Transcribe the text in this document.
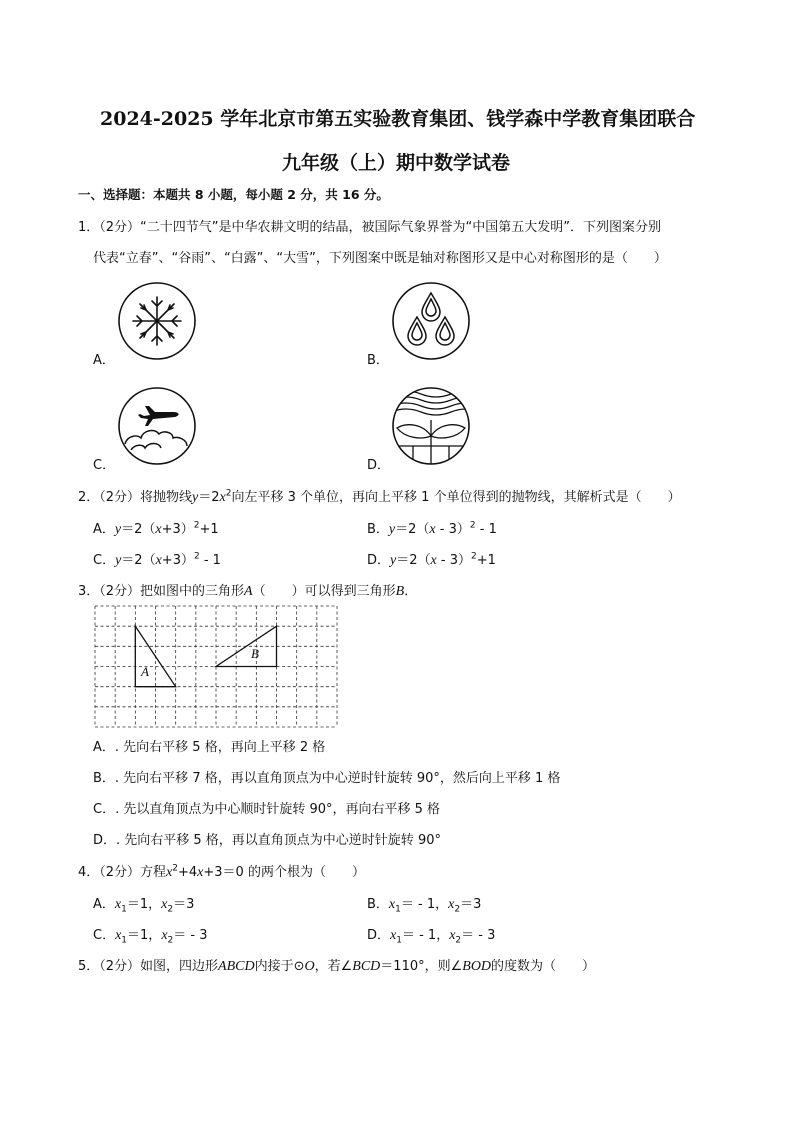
2024-2025 学年北京市第五实验教育集团、钱学森中学教育集团联合
九年级（上）期中数学试卷
一、选择题：本题共 8 小题，每小题 2 分，共 16 分。
1．（2分）“二十四节气”是中华农耕文明的结晶，被国际气象界誉为“中国第五大发明”．下列图案分别
代表“立春”、“谷雨”、“白露”、“大雪”，下列图案中既是轴对称图形又是中心对称图形的是（　　）
A．	B．
C．	D．
2．（2分）将抛物线$y=2x^2$向左平移 3 个单位，再向上平移 1 个单位得到的抛物线，其解析式是（　　）
A．$y=2(x+3)^2+1$	B．y＝2（x - 3）$^2$ - 1
C．$y=2(x+3)^2 - 1$	D．y＝2（x - 3）$^2$+1
3．（2分）把如图中的三角形A（　　）可以得到三角形B．
A
B
A．. 先向右平移 5 格，再向上平移 2 格
B．. 先向右平移 7 格，再以直角顶点为中心逆时针旋转 90°，然后向上平移 1 格
C．. 先以直角顶点为中心顺时针旋转 90°，再向右平移 5 格
D．. 先向右平移 5 格，再以直角顶点为中心逆时针旋转 90°
4．（2分）方程$x^2+4x+3=0$ 的两个根为（　　）
A．$x_1=1$，$x_2=3$	B．$x_1= - 1$，$x_2=3$
C．$x_1=1$，$x_2= - 3$	D．$x_1= - 1$，$x_2= - 3$
5．（2分）如图，四边形ABCD内接于⊙O，若∠BCD＝110°，则∠BOD的度数为（　　）
